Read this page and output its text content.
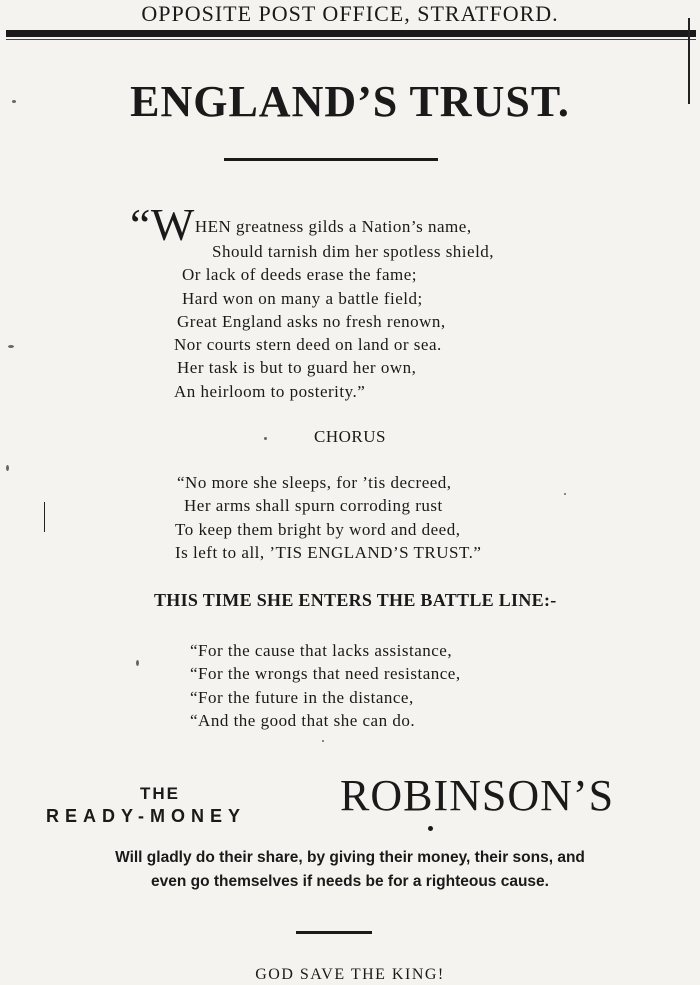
OPPOSITE POST OFFICE, STRATFORD.
ENGLAND’S TRUST.
“WHEN greatness gilds a Nation’s name,
Should tarnish dim her spotless shield,
Or lack of deeds erase the fame;
Hard won on many a battle field;
Great England asks no fresh renown,
Nor courts stern deed on land or sea.
Her task is but to guard her own,
An heirloom to posterity.”
CHORUS
“No more she sleeps, for ’tis decreed,
Her arms shall spurn corroding rust
To keep them bright by word and deed,
Is left to all, ’TIS ENGLAND’S TRUST.”
THIS TIME SHE ENTERS THE BATTLE LINE:-
“For the cause that lacks assistance,
“For the wrongs that need resistance,
“For the future in the distance,
“And the good that she can do.
THE
READY-MONEY ROBINSON’S
Will gladly do their share, by giving their money, their sons, and
even go themselves if needs be for a righteous cause.
GOD SAVE THE KING!
